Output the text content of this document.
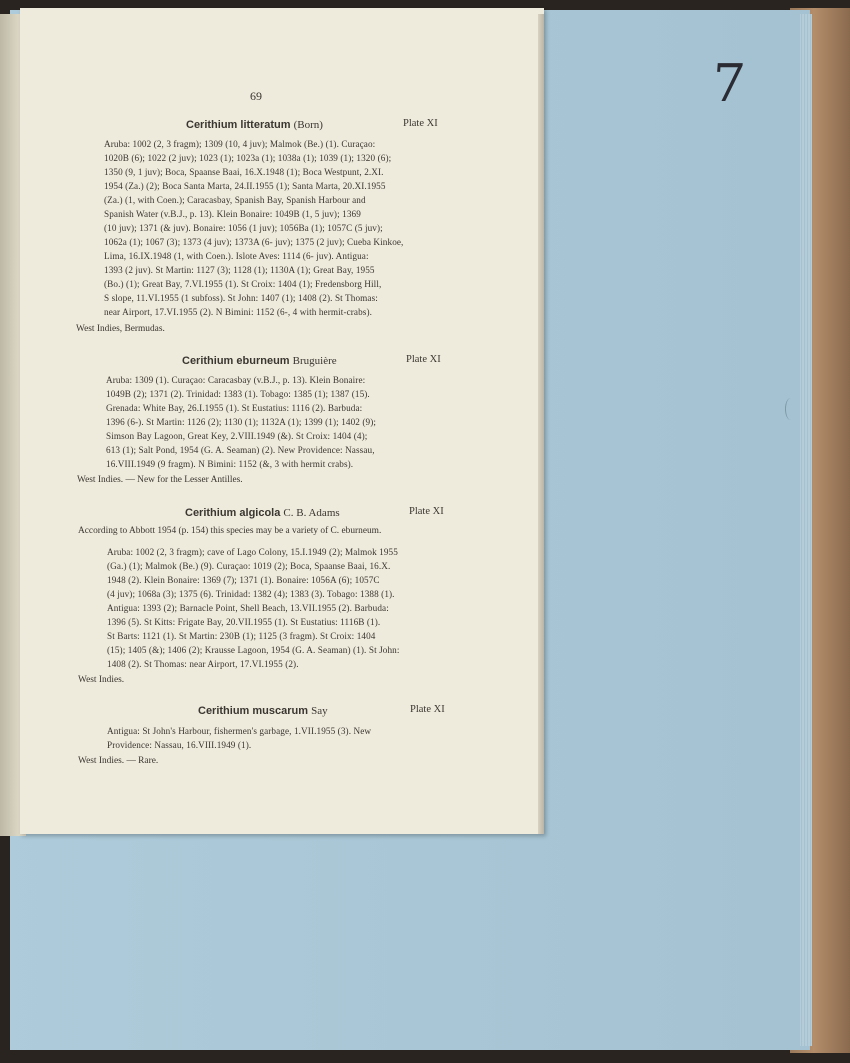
7
69
Cerithium litteratum (Born)	Plate XI
Aruba: 1002 (2, 3 fragm); 1309 (10, 4 juv); Malmok (Be.) (1). Curaçao:
1020B (6); 1022 (2 juv); 1023 (1); 1023a (1); 1038a (1); 1039 (1); 1320 (6);
1350 (9, 1 juv); Boca, Spaanse Baai, 16.X.1948 (1); Boca Westpunt, 2.XI.
1954 (Za.) (2); Boca Santa Marta, 24.II.1955 (1); Santa Marta, 20.XI.1955
(Za.) (1, with Coen.); Caracasbay, Spanish Bay, Spanish Harbour and
Spanish Water (v.B.J., p. 13). Klein Bonaire: 1049B (1, 5 juv); 1369
(10 juv); 1371 (& juv). Bonaire: 1056 (1 juv); 1056Ba (1); 1057C (5 juv);
1062a (1); 1067 (3); 1373 (4 juv); 1373A (6- juv); 1375 (2 juv); Cueba Kinkoe,
Lima, 16.IX.1948 (1, with Coen.). Islote Aves: 1114 (6- juv). Antigua:
1393 (2 juv). St Martin: 1127 (3); 1128 (1); 1130A (1); Great Bay, 1955
(Bo.) (1); Great Bay, 7.VI.1955 (1). St Croix: 1404 (1); Fredensborg Hill,
S slope, 11.VI.1955 (1 subfoss). St John: 1407 (1); 1408 (2). St Thomas:
near Airport, 17.VI.1955 (2). N Bimini: 1152 (6-, 4 with hermit-crabs).
West Indies, Bermudas.
Cerithium eburneum Bruguière	Plate XI
Aruba: 1309 (1). Curaçao: Caracasbay (v.B.J., p. 13). Klein Bonaire:
1049B (2); 1371 (2). Trinidad: 1383 (1). Tobago: 1385 (1); 1387 (15).
Grenada: White Bay, 26.I.1955 (1). St Eustatius: 1116 (2). Barbuda:
1396 (6-). St Martin: 1126 (2); 1130 (1); 1132A (1); 1399 (1); 1402 (9);
Simson Bay Lagoon, Great Key, 2.VIII.1949 (&). St Croix: 1404 (4);
613 (1); Salt Pond, 1954 (G. A. Seaman) (2). New Providence: Nassau,
16.VIII.1949 (9 fragm). N Bimini: 1152 (&, 3 with hermit crabs).
West Indies. — New for the Lesser Antilles.
Cerithium algicola C. B. Adams	Plate XI
According to Abbott 1954 (p. 154) this species may be a variety of C. eburneum.
Aruba: 1002 (2, 3 fragm); cave of Lago Colony, 15.I.1949 (2); Malmok 1955
(Ga.) (1); Malmok (Be.) (9). Curaçao: 1019 (2); Boca, Spaanse Baai, 16.X.
1948 (2). Klein Bonaire: 1369 (7); 1371 (1). Bonaire: 1056A (6); 1057C
(4 juv); 1068a (3); 1375 (6). Trinidad: 1382 (4); 1383 (3). Tobago: 1388 (1).
Antigua: 1393 (2); Barnacle Point, Shell Beach, 13.VII.1955 (2). Barbuda:
1396 (5). St Kitts: Frigate Bay, 20.VII.1955 (1). St Eustatius: 1116B (1).
St Barts: 1121 (1). St Martin: 230B (1); 1125 (3 fragm). St Croix: 1404
(15); 1405 (&); 1406 (2); Krausse Lagoon, 1954 (G. A. Seaman) (1). St John:
1408 (2). St Thomas: near Airport, 17.VI.1955 (2).
West Indies.
Cerithium muscarum Say	Plate XI
Antigua: St John's Harbour, fishermen's garbage, 1.VII.1955 (3). New
Providence: Nassau, 16.VIII.1949 (1).
West Indies. — Rare.
